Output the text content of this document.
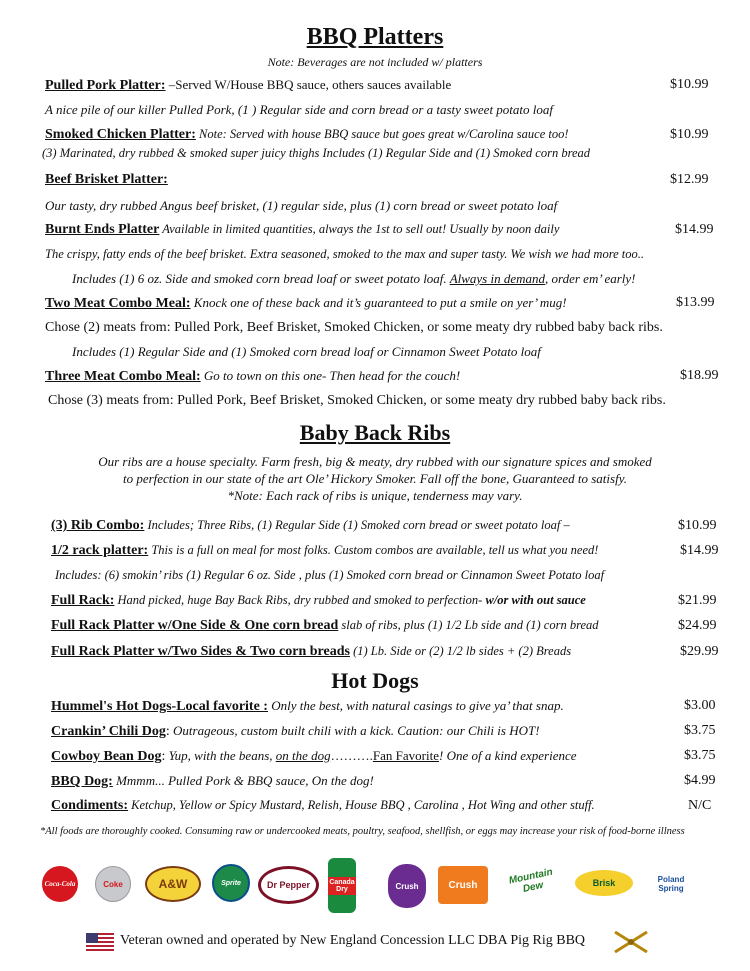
BBQ Platters
Note: Beverages are not included w/ platters
Pulled Pork Platter: –Served W/House BBQ sauce, others sauces available	$10.99
A nice pile of our killer Pulled Pork, (1 ) Regular side and corn bread or a tasty sweet potato loaf
Smoked Chicken Platter: Note: Served with house BBQ sauce but goes great w/Carolina sauce too!	$10.99
(3) Marinated, dry rubbed & smoked super juicy thighs Includes (1) Regular Side and (1) Smoked corn bread
Beef Brisket Platter:	$12.99
Our tasty, dry rubbed Angus beef brisket, (1) regular side, plus (1) corn bread or sweet potato loaf
Burnt Ends Platter Available in limited quantities, always the 1st to sell out! Usually by noon daily	$14.99
The crispy, fatty ends of the beef brisket. Extra seasoned, smoked to the max and super tasty. We wish we had more too..
Includes (1) 6 oz. Side and smoked corn bread loaf or sweet potato loaf. Always in demand, order em’ early!
Two Meat Combo Meal: Knock one of these back and it’s guaranteed to put a smile on yer’ mug!	$13.99
Chose (2) meats from: Pulled Pork, Beef Brisket, Smoked Chicken, or some meaty dry rubbed baby back ribs.
Includes (1) Regular Side and (1) Smoked corn bread loaf or Cinnamon Sweet Potato loaf
Three Meat Combo Meal: Go to town on this one- Then head for the couch!	$18.99
Chose (3) meats from: Pulled Pork, Beef Brisket, Smoked Chicken, or some meaty dry rubbed baby back ribs.
Baby Back Ribs
Our ribs are a house specialty. Farm fresh, big & meaty, dry rubbed with our signature spices and smoked
to perfection in our state of the art Ole’ Hickory Smoker. Fall off the bone, Guaranteed to satisfy.
*Note: Each rack of ribs is unique, tenderness may vary.
(3) Rib Combo: Includes; Three Ribs, (1) Regular Side (1) Smoked corn bread or sweet potato loaf –	$10.99
1/2 rack platter: This is a full on meal for most folks. Custom combos are available, tell us what you need!	$14.99
Includes: (6) smokin’ ribs (1) Regular 6 oz. Side , plus (1) Smoked corn bread or Cinnamon Sweet Potato loaf
Full Rack: Hand picked, huge Bay Back Ribs, dry rubbed and smoked to perfection- w/or with out sauce	$21.99
Full Rack Platter w/One Side & One corn bread slab of ribs, plus (1) 1/2 Lb side and (1) corn bread	$24.99
Full Rack Platter w/Two Sides & Two corn breads (1) Lb. Side or (2) 1/2 lb sides + (2) Breads	$29.99
Hot Dogs
Hummel's Hot Dogs-Local favorite : Only the best, with natural casings to give ya’ that snap.	$3.00
Crankin’ Chili Dog: Outrageous, custom built chili with a kick. Caution: our Chili is HOT!	$3.75
Cowboy Bean Dog: Yup, with the beans, on the dog……….Fan Favorite! One of a kind experience	$3.75
BBQ Dog: Mmmm... Pulled Pork & BBQ sauce, On the dog!	$4.99
Condiments: Ketchup, Yellow or Spicy Mustard, Relish, House BBQ , Carolina , Hot Wing and other stuff.	N/C
*All foods are thoroughly cooked. Consuming raw or undercooked meats, poultry, seafood, shellfish, or eggs may increase your risk of food-borne illness
Coca-Cola	Coke	A&W	Sprite	Dr Pepper	Canada Dry	Crush	Crush	Mountain Dew	Brisk	Poland Spring
Veteran owned and operated by New England Concession LLC DBA Pig Rig BBQ
